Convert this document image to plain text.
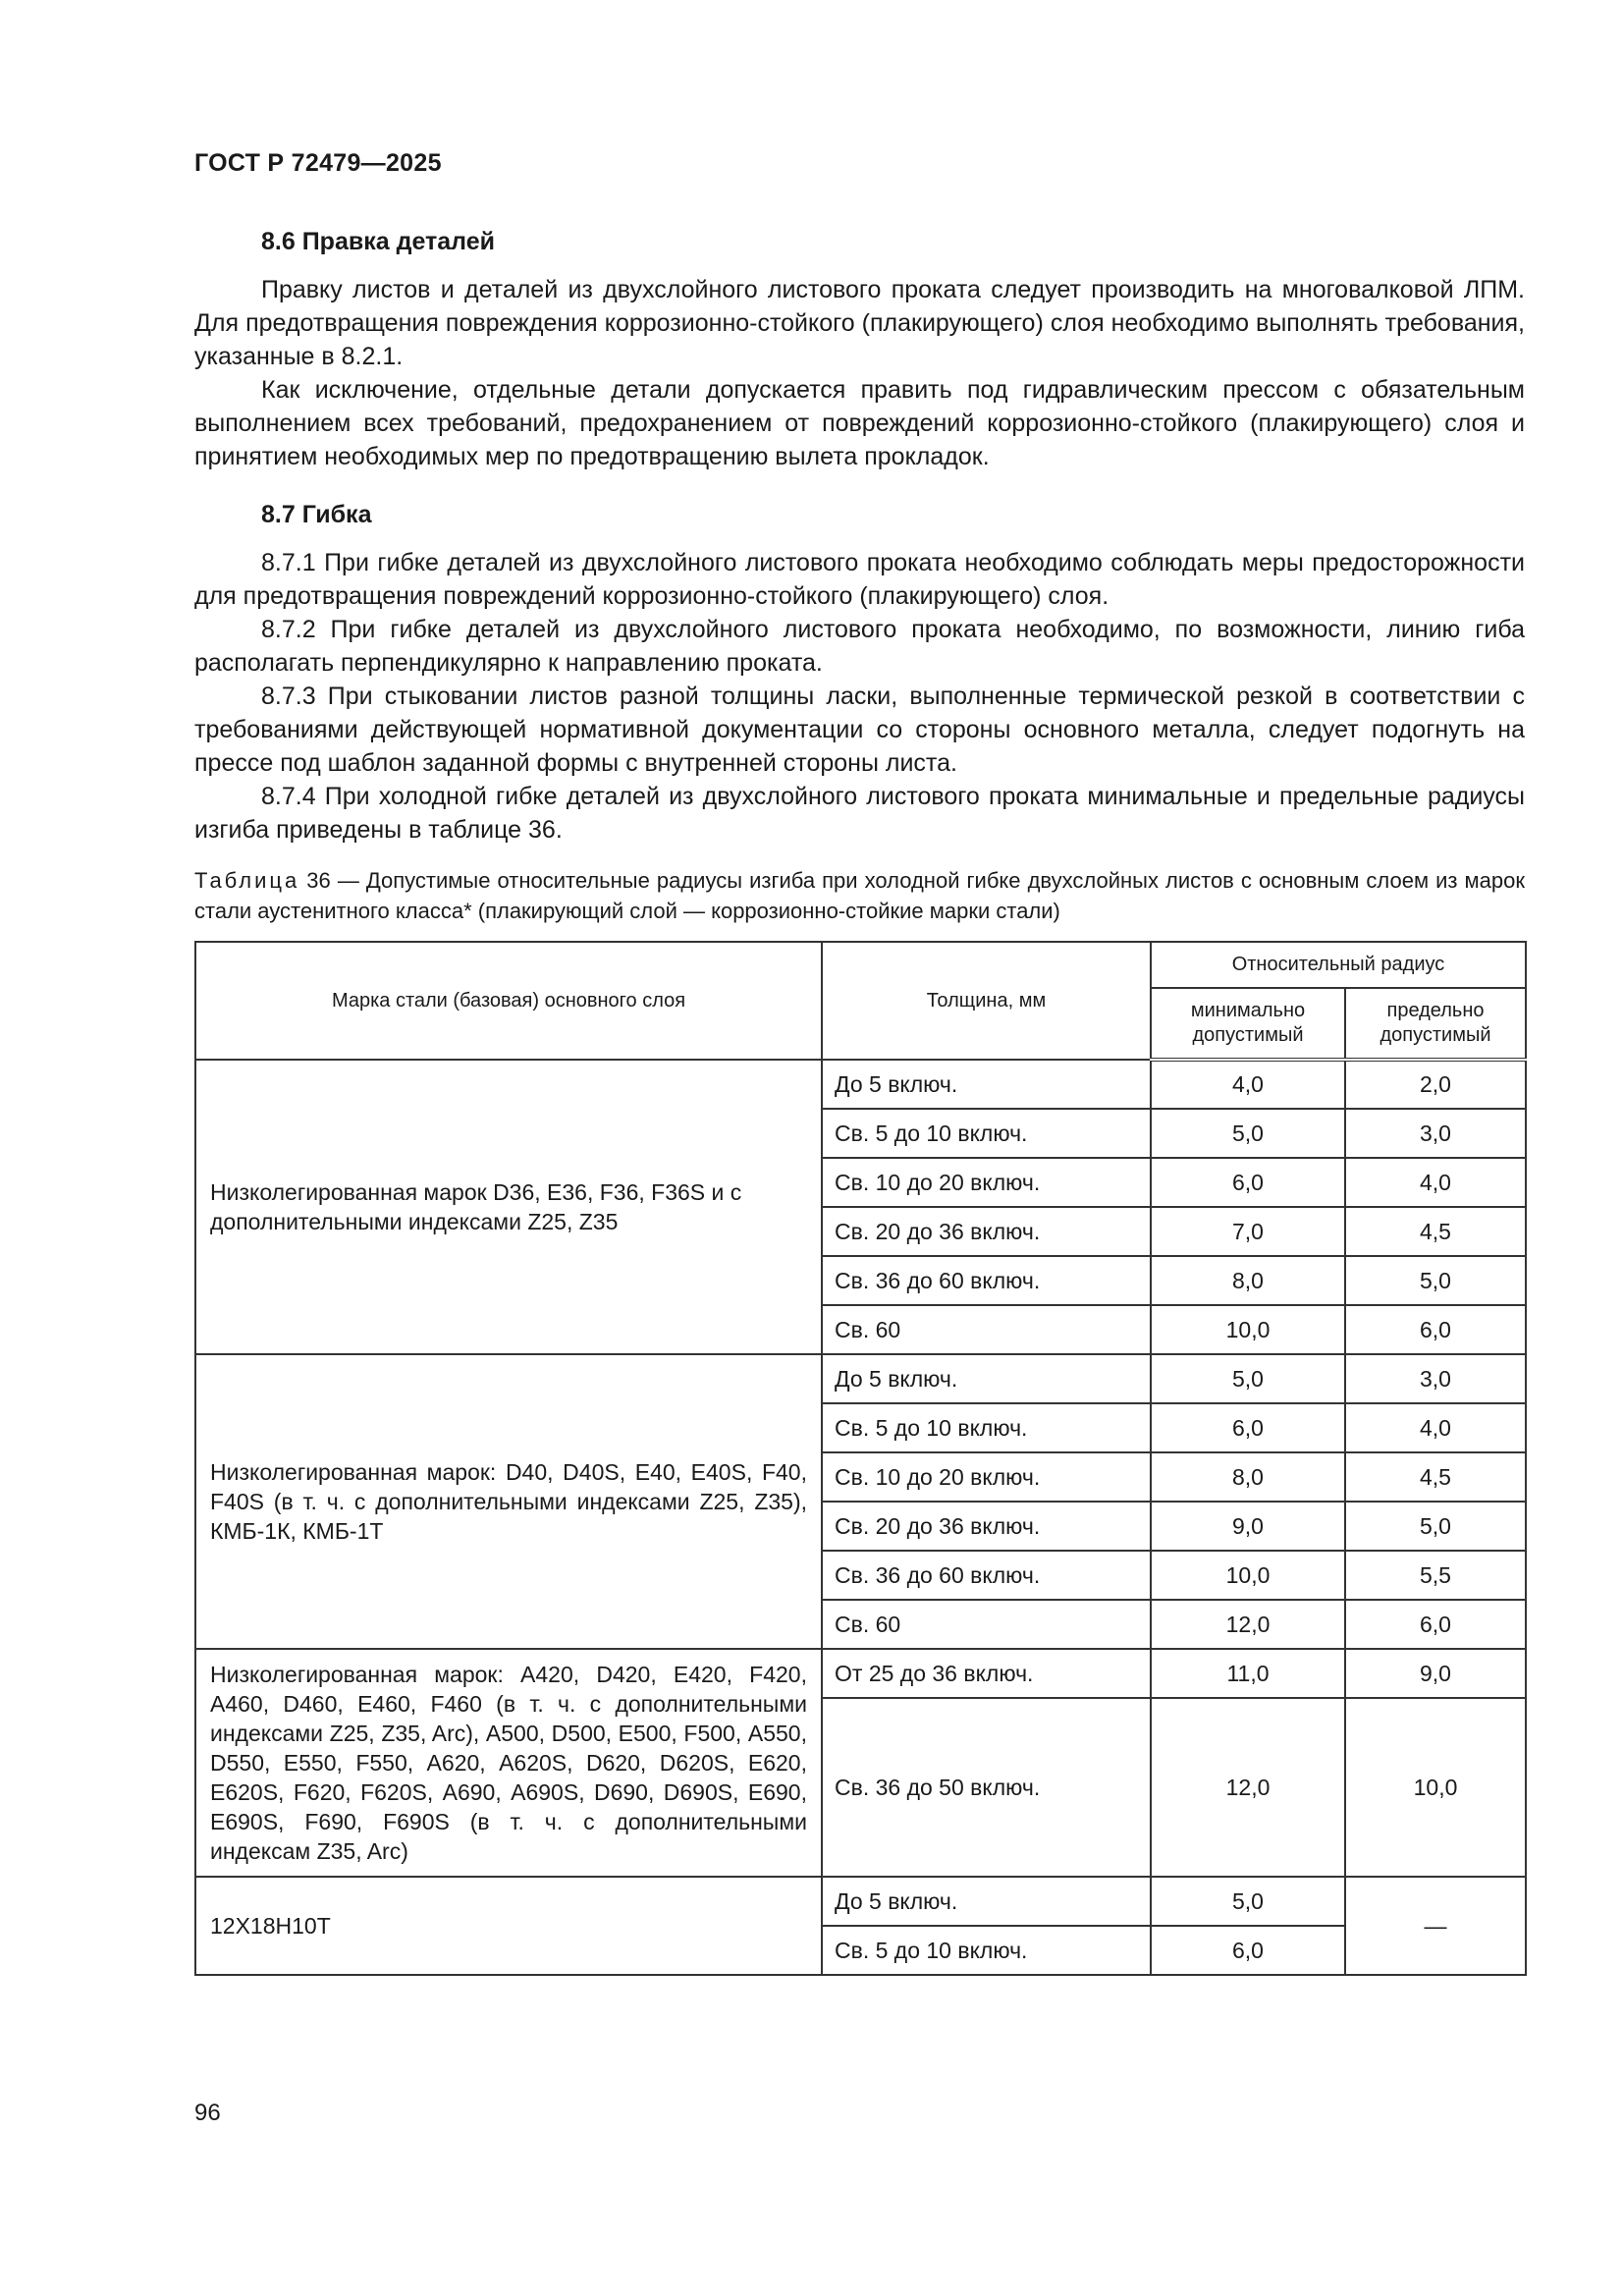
ГОСТ Р 72479—2025
8.6 Правка деталей

Правку листов и деталей из двухслойного листового проката следует производить на многовалковой ЛПМ. Для предотвращения повреждения коррозионно-стойкого (плакирующего) слоя необходимо выполнять требования, указанные в 8.2.1.

Как исключение, отдельные детали допускается править под гидравлическим прессом с обязательным выполнением всех требований, предохранением от повреждений коррозионно-стойкого (плакирующего) слоя и принятием необходимых мер по предотвращению вылета прокладок.

8.7 Гибка

8.7.1 При гибке деталей из двухслойного листового проката необходимо соблюдать меры предосторожности для предотвращения повреждений коррозионно-стойкого (плакирующего) слоя.

8.7.2 При гибке деталей из двухслойного листового проката необходимо, по возможности, линию гиба располагать перпендикулярно к направлению проката.

8.7.3 При стыковании листов разной толщины ласки, выполненные термической резкой в соответствии с требованиями действующей нормативной документации со стороны основного металла, следует подогнуть на прессе под шаблон заданной формы с внутренней стороны листа.

8.7.4 При холодной гибке деталей из двухслойного листового проката минимальные и предельные радиусы изгиба приведены в таблице 36.

Таблица 36 — Допустимые относительные радиусы изгиба при холодной гибке двухслойных листов с основным слоем из марок стали аустенитного класса* (плакирующий слой — коррозионно-стойкие марки стали)

Марка стали (базовая) основного слоя	Толщина, мм	Относительный радиус	
		минимально допустимый	предельно допустимый
Низколегированная марок D36, E36, F36, F36S и с дополнительными индексами Z25, Z35	До 5 включ.	4,0	2,0
	Св. 5 до 10 включ.	5,0	3,0
	Св. 10 до 20 включ.	6,0	4,0
	Св. 20 до 36 включ.	7,0	4,5
	Св. 36 до 60 включ.	8,0	5,0
	Св. 60	10,0	6,0
Низколегированная марок: D40, D40S, E40, E40S, F40, F40S (в т. ч. с дополнительными индексами Z25, Z35), КМБ-1К, КМБ-1Т	До 5 включ.	5,0	3,0
	Св. 5 до 10 включ.	6,0	4,0
	Св. 10 до 20 включ.	8,0	4,5
	Св. 20 до 36 включ.	9,0	5,0
	Св. 36 до 60 включ.	10,0	5,5
	Св. 60	12,0	6,0
Низколегированная марок: А420, D420, E420, F420, А460, D460, E460, F460 (в т. ч. с дополнительными индексами Z25, Z35, Arc), А500, D500, E500, F500, А550, D550, E550, F550, А620, А620S, D620, D620S, E620, E620S, F620, F620S, А690, А690S, D690, D690S, E690, E690S, F690, F690S (в т. ч. с дополнительными индексам Z35, Arc)	От 25 до 36 включ.	11,0	9,0
	Св. 36 до 50 включ.	12,0	10,0
12Х18Н10Т	До 5 включ.	5,0	—
	Св. 5 до 10 включ.	6,0	
96
